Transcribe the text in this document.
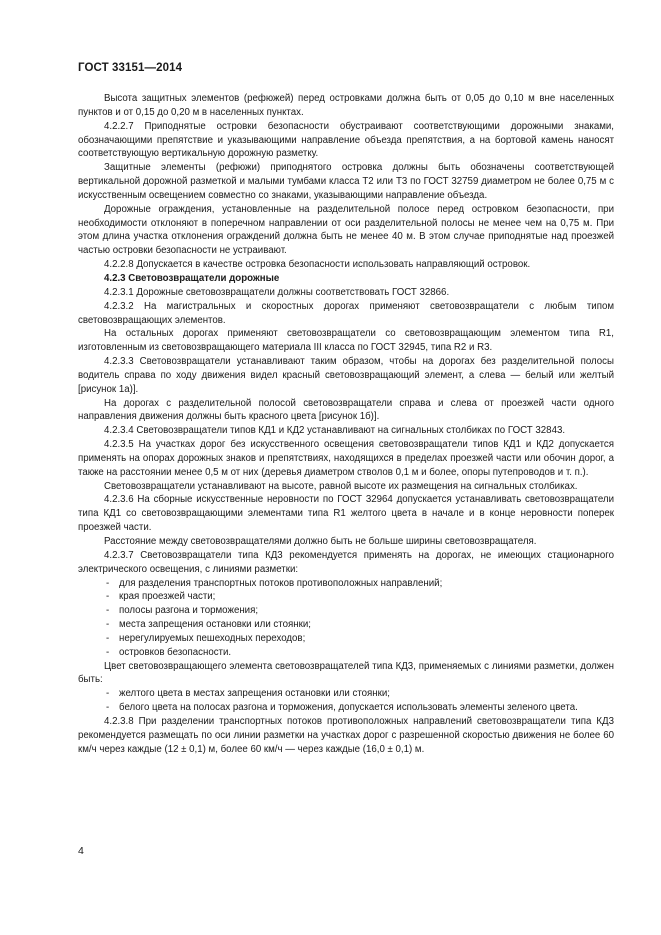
ГОСТ 33151—2014

Высота защитных элементов (рефюжей) перед островками должна быть от 0,05 до 0,10 м вне населенных пунктов и от 0,15 до 0,20 м в населенных пунктах.

4.2.2.7 Приподнятые островки безопасности обустраивают соответствующими дорожными знаками, обозначающими препятствие и указывающими направление объезда препятствия, а на бортовой камень наносят соответствующую вертикальную дорожную разметку.

Защитные элементы (рефюжи) приподнятого островка должны быть обозначены соответствующей вертикальной дорожной разметкой и малыми тумбами класса Т2 или Т3 по ГОСТ 32759 диаметром не более 0,75 м с искусственным освещением совместно со знаками, указывающими направление объезда.

Дорожные ограждения, установленные на разделительной полосе перед островком безопасности, при необходимости отклоняют в поперечном направлении от оси разделительной полосы не менее чем на 0,75 м. При этом длина участка отклонения ограждений должна быть не менее 40 м. В этом случае приподнятые над проезжей частью островки безопасности не устраивают.

4.2.2.8 Допускается в качестве островка безопасности использовать направляющий островок.

4.2.3 Световозвращатели дорожные

4.2.3.1 Дорожные световозвращатели должны соответствовать ГОСТ 32866.

4.2.3.2 На магистральных и скоростных дорогах применяют световозвращатели с любым типом световозвращающих элементов.

На остальных дорогах применяют световозвращатели со световозвращающим элементом типа R1, изготовленным из световозвращающего материала III класса по ГОСТ 32945, типа R2 и R3.

4.2.3.3 Световозвращатели устанавливают таким образом, чтобы на дорогах без разделительной полосы водитель справа по ходу движения видел красный световозвращающий элемент, а слева — белый или желтый [рисунок 1а)].

На дорогах с разделительной полосой световозвращатели справа и слева от проезжей части одного направления движения должны быть красного цвета [рисунок 1б)].

4.2.3.4 Световозвращатели типов КД1 и КД2 устанавливают на сигнальных столбиках по ГОСТ 32843.

4.2.3.5 На участках дорог без искусственного освещения световозвращатели типов КД1 и КД2 допускается применять на опорах дорожных знаков и препятствиях, находящихся в пределах проезжей части или обочин дорог, а также на расстоянии менее 0,5 м от них (деревья диаметром стволов 0,1 м и более, опоры путепроводов и т. п.).

Световозвращатели устанавливают на высоте, равной высоте их размещения на сигнальных столбиках.

4.2.3.6 На сборные искусственные неровности по ГОСТ 32964 допускается устанавливать световозвращатели типа КД1 со световозвращающими элементами типа R1 желтого цвета в начале и в конце неровности поперек проезжей части.

Расстояние между световозвращателями должно быть не больше ширины световозвращателя.

4.2.3.7 Световозвращатели типа КД3 рекомендуется применять на дорогах, не имеющих стационарного электрического освещения, с линиями разметки:

- для разделения транспортных потоков противоположных направлений;
- края проезжей части;
- полосы разгона и торможения;
- места запрещения остановки или стоянки;
- нерегулируемых пешеходных переходов;
- островков безопасности.

Цвет световозвращающего элемента световозвращателей типа КД3, применяемых с линиями разметки, должен быть:

- желтого цвета в местах запрещения остановки или стоянки;
- белого цвета на полосах разгона и торможения, допускается использовать элементы зеленого цвета.

4.2.3.8 При разделении транспортных потоков противоположных направлений световозвращатели типа КД3 рекомендуется размещать по оси линии разметки на участках дорог с разрешенной скоростью движения не более 60 км/ч через каждые (12 ± 0,1) м, более 60 км/ч — через каждые (16,0 ± 0,1) м.

4
